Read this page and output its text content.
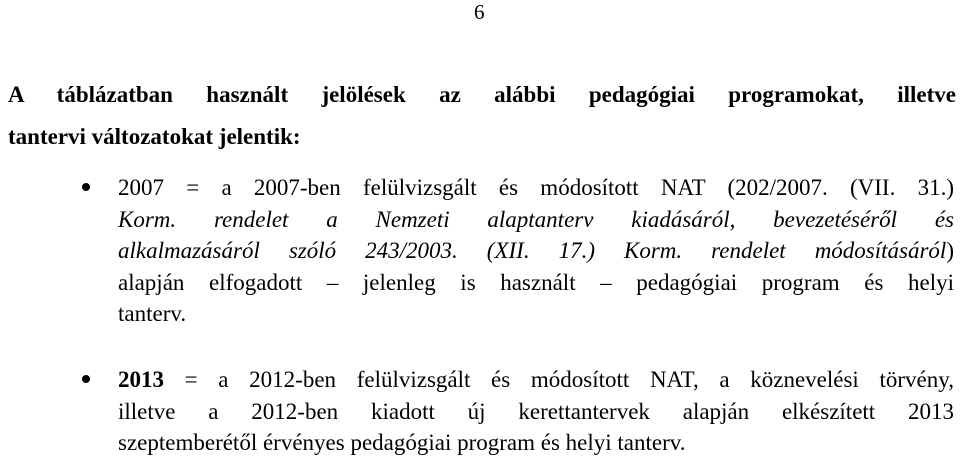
6
A táblázatban használt jelölések az alábbi pedagógiai programokat, illetve
tantervi változatokat jelentik:
2007 = a 2007-ben felülvizsgált és módosított NAT (202/2007. (VII. 31.)
Korm. rendelet a Nemzeti alaptanterv kiadásáról, bevezetéséről és
alkalmazásáról szóló 243/2003. (XII. 17.) Korm. rendelet módosításáról)
alapján elfogadott – jelenleg is használt – pedagógiai program és helyi
tanterv.
2013 = a 2012-ben felülvizsgált és módosított NAT, a köznevelési törvény,
illetve a 2012-ben kiadott új kerettantervek alapján elkészített 2013
szeptemberétől érvényes pedagógiai program és helyi tanterv.
